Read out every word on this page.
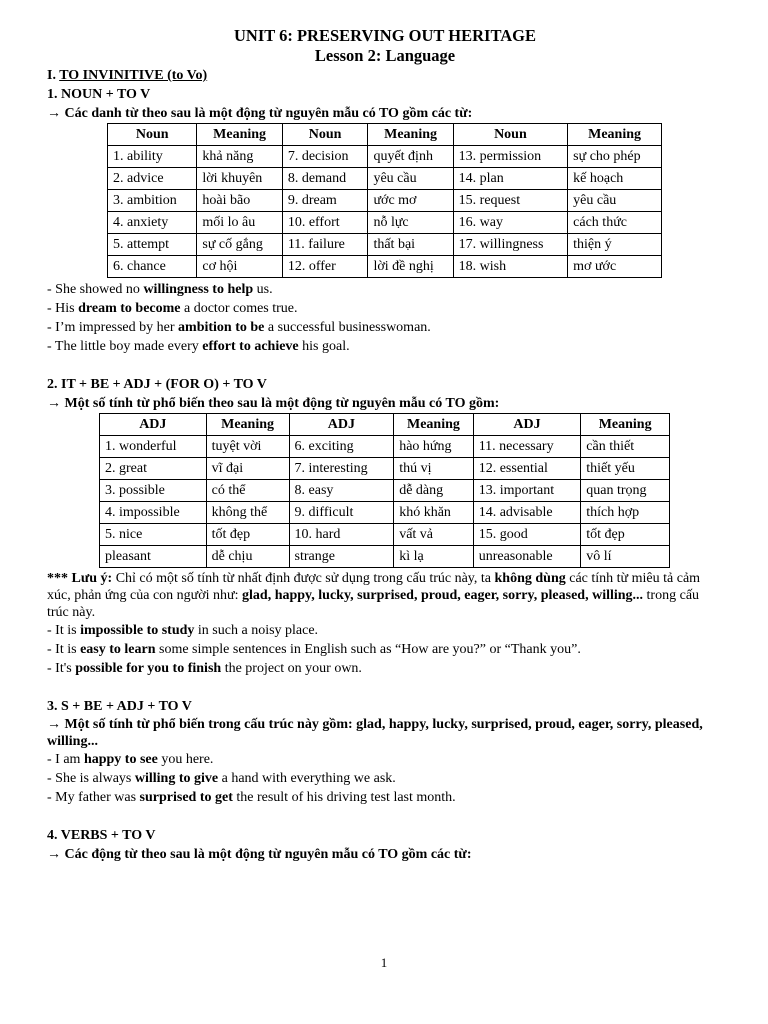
UNIT 6: PRESERVING OUT HERITAGE
Lesson 2: Language
I. TO INVINITIVE (to Vo)
1. NOUN + TO V
→ Các danh từ theo sau là một động từ nguyên mẫu có TO gồm các từ:
Noun	Meaning	Noun	Meaning	Noun	Meaning
1. ability	khả năng	7. decision	quyết định	13. permission	sự cho phép
2. advice	lời khuyên	8. demand	yêu cầu	14. plan	kế hoạch
3. ambition	hoài bão	9. dream	ước mơ	15. request	yêu cầu
4. anxiety	mối lo âu	10. effort	nỗ lực	16. way	cách thức
5. attempt	sự cố gắng	11. failure	thất bại	17. willingness	thiện ý
6. chance	cơ hội	12. offer	lời đề nghị	18. wish	mơ ước
- She showed no willingness to help us.
- His dream to become a doctor comes true.
- I’m impressed by her ambition to be a successful businesswoman.
- The little boy made every effort to achieve his goal.
2. IT + BE + ADJ + (FOR O) + TO V
→ Một số tính từ phổ biến theo sau là một động từ nguyên mẫu có TO gồm:
ADJ	Meaning	ADJ	Meaning	ADJ	Meaning
1. wonderful	tuyệt vời	6. exciting	hào hứng	11. necessary	cần thiết
2. great	vĩ đại	7. interesting	thú vị	12. essential	thiết yếu
3. possible	có thể	8. easy	dễ dàng	13. important	quan trọng
4. impossible	không thể	9. difficult	khó khăn	14. advisable	thích hợp
5. nice	tốt đẹp	10. hard	vất vả	15. good	tốt đẹp
pleasant	dễ chịu	strange	kì lạ	unreasonable	vô lí
*** Lưu ý: Chỉ có một số tính từ nhất định được sử dụng trong cấu trúc này, ta không dùng các tính từ miêu tả cảm xúc, phản ứng của con người như: glad, happy, lucky, surprised, proud, eager, sorry, pleased, willing... trong cấu trúc này.
- It is impossible to study in such a noisy place.
- It is easy to learn some simple sentences in English such as “How are you?” or “Thank you”.
- It's possible for you to finish the project on your own.
3. S + BE + ADJ + TO V
→ Một số tính từ phổ biến trong cấu trúc này gồm: glad, happy, lucky, surprised, proud, eager, sorry, pleased, willing...
- I am happy to see you here.
- She is always willing to give a hand with everything we ask.
- My father was surprised to get the result of his driving test last month.
4. VERBS + TO V
→ Các động từ theo sau là một động từ nguyên mẫu có TO gồm các từ:
1
